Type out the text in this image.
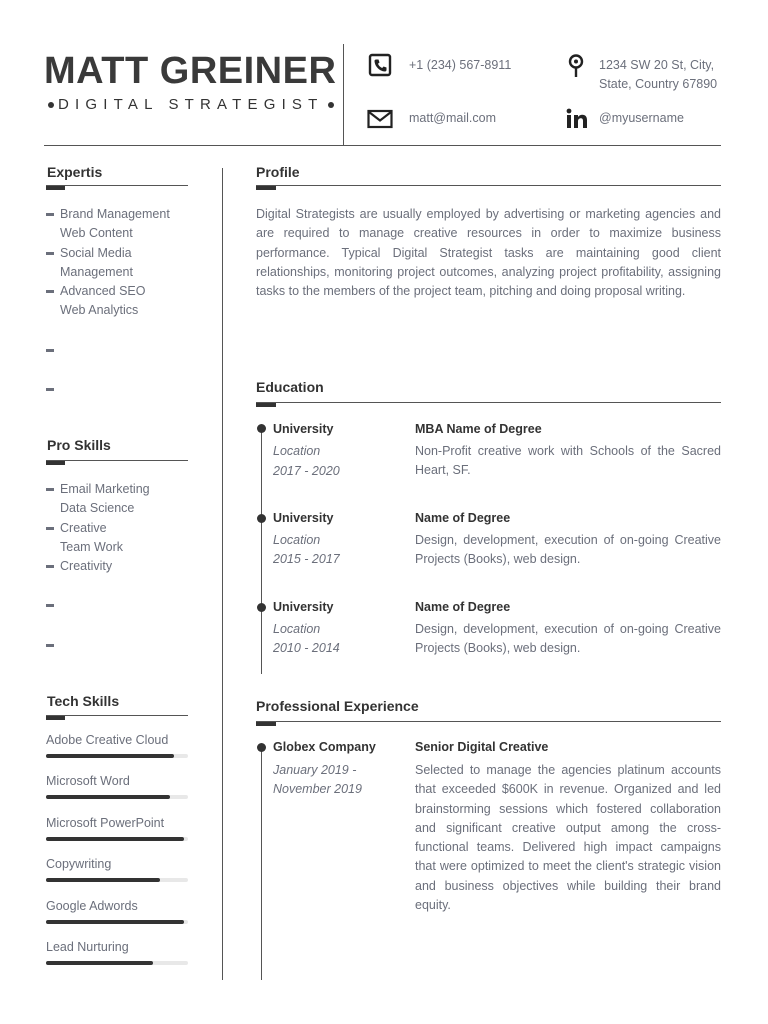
MATT GREINER
DIGITAL STRATEGIST
+1 (234) 567-8911
matt@mail.com
1234 SW 20 St, City,
State, Country 67890
@myusername
Expertis
Brand Management
Web Content
Social Media
Management
Advanced SEO
Web Analytics
Pro Skills
Email Marketing
Data Science
Creative
Team Work
Creativity
Tech Skills
Adobe Creative Cloud
Microsoft Word
Microsoft PowerPoint
Copywriting
Google Adwords
Lead Nurturing
Profile
Digital Strategists are usually employed by advertising or marketing agencies and are required to manage creative resources in order to maximize business performance. Typical Digital Strategist tasks are maintaining good client relationships, monitoring project outcomes, analyzing project profitability, assigning tasks to the members of the project team, pitching and doing proposal writing.
Education
University
Location
2017 - 2020
MBA Name of Degree
Non-Profit creative work with Schools of the Sacred Heart, SF.
University
Location
2015 - 2017
Name of Degree
Design, development, execution of on-going Creative Projects (Books), web design.
University
Location
2010 - 2014
Name of Degree
Design, development, execution of on-going Creative Projects (Books), web design.
Professional Experience
Globex Company
January 2019 -
November 2019
Senior Digital Creative
Selected to manage the agencies platinum accounts that exceeded $600K in revenue. Organized and led brainstorming sessions which fostered collaboration and significant creative output among the cross-functional teams. Delivered high impact campaigns that were optimized to meet the client's strategic vision and business objectives while building their brand equity.
